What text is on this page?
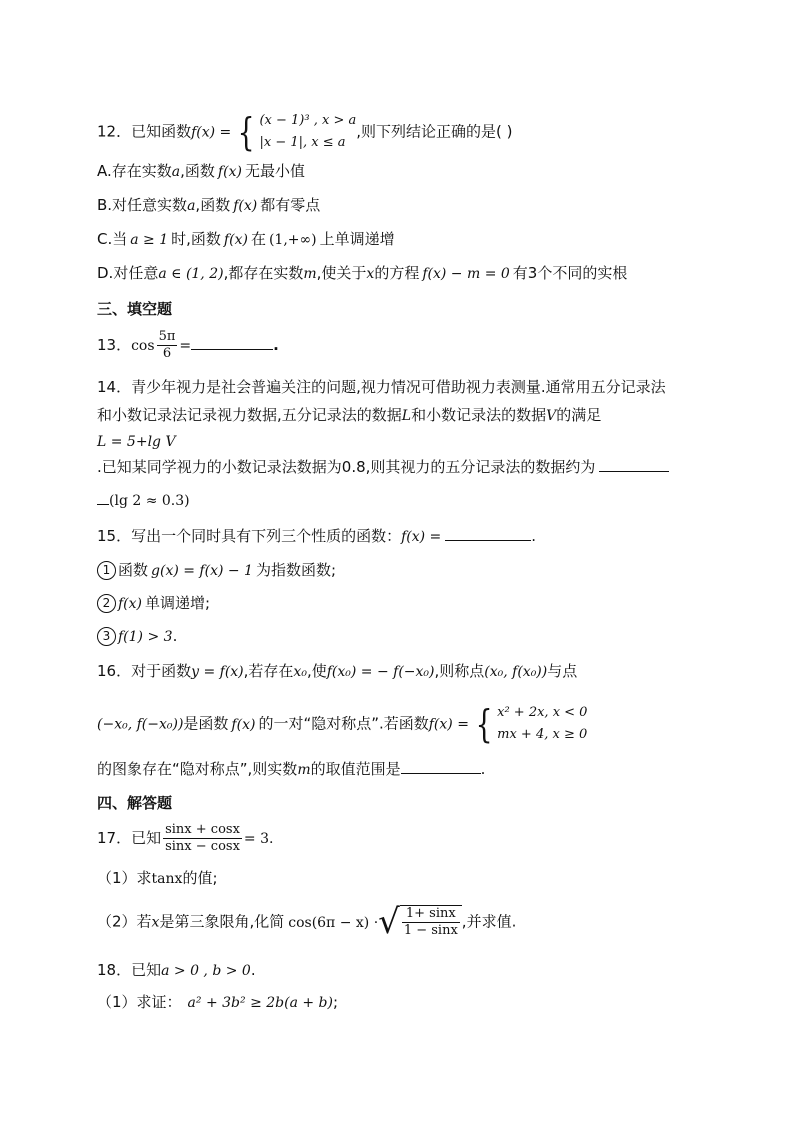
12．已知函数f(x) = { (x − 1)³ , x > a
|x − 1|, x ≤ a
,则下列结论正确的是( )
A.存在实数a,函数 f(x) 无最小值
B.对任意实数a,函数 f(x) 都有零点
C.当 a ≥ 1 时,函数 f(x) 在 (1,+∞) 上单调递增
D.对任意a ∈ (1, 2),都存在实数m,使关于x的方程 f(x) − m = 0 有3个不同的实根
三、填空题
13．$\cos \frac{5\pi}{6}$ =	.
14．青少年视力是社会普遍关注的问题,视力情况可借助视力表测量.通常用五分记录法
和小数记录法记录视力数据,五分记录法的数据L和小数记录法的数据V的满足
L = 5+lg V
.已知某同学视力的小数记录法数据为0.8,则其视力的五分记录法的数据约为
(lg 2 ≈ 0.3)
15．写出一个同时具有下列三个性质的函数：f(x) =	.
1 函数 g(x) = f(x) − 1 为指数函数;
2 f(x) 单调递增;
3 f(1) > 3.
16．对于函数y = f(x),若存在x₀,使f(x₀) = − f(−x₀),则称点(x₀, f(x₀))与点
(−x₀, f(−x₀))是函数 f(x) 的一对“隐对称点”.若函数f(x) = { x² + 2x, x < 0
mx + 4, x ≥ 0
的图象存在“隐对称点”,则实数m的取值范围是	.
四、解答题
17．已知 $\frac{\sin x + \cos x}{\sin x - \cos x} = 3$.
（1）求tanx的值;
（2）若x是第三象限角,化简 cos(6π − x) ·√ $\frac{1+ \sin x}{1 - \sin x}$ ,并求值.
18．已知a > 0 , b > 0.
（1）求证： a² + 3b² ≥ 2b(a + b);
